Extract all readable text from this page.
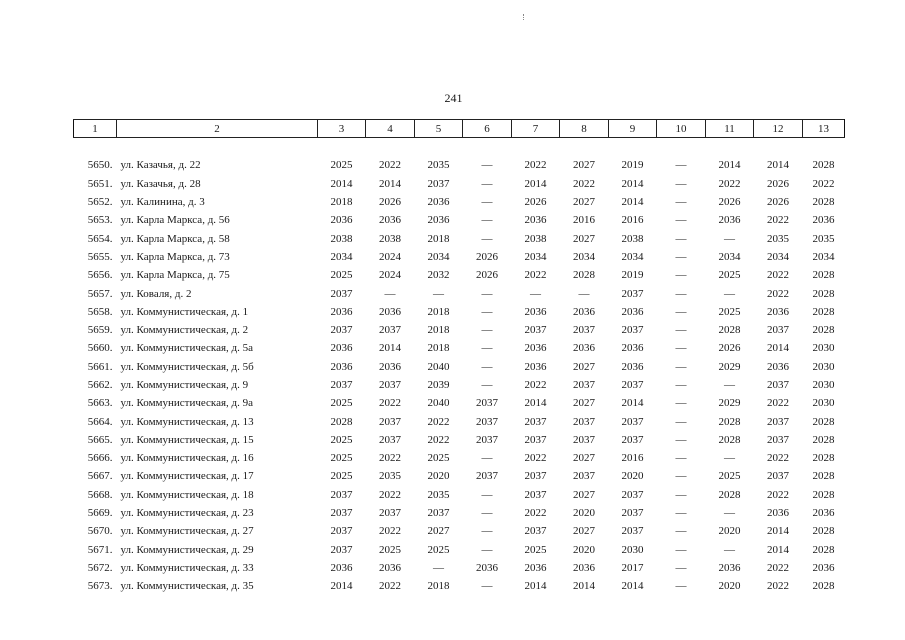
241
1	2	3	4	5	6	7	8	9	10	11	12	13

5650.	ул. Казачья, д. 22	2025	2022	2035	—	2022	2027	2019	—	2014	2014	2028
5651.	ул. Казачья, д. 28	2014	2014	2037	—	2014	2022	2014	—	2022	2026	2022
5652.	ул. Калинина, д. 3	2018	2026	2036	—	2026	2027	2014	—	2026	2026	2028
5653.	ул. Карла Маркса, д. 56	2036	2036	2036	—	2036	2016	2016	—	2036	2022	2036
5654.	ул. Карла Маркса, д. 58	2038	2038	2018	—	2038	2027	2038	—	—	2035	2035
5655.	ул. Карла Маркса, д. 73	2034	2024	2034	2026	2034	2034	2034	—	2034	2034	2034
5656.	ул. Карла Маркса, д. 75	2025	2024	2032	2026	2022	2028	2019	—	2025	2022	2028
5657.	ул. Коваля, д. 2	2037	—	—	—	—	—	2037	—	—	2022	2028
5658.	ул. Коммунистическая, д. 1	2036	2036	2018	—	2036	2036	2036	—	2025	2036	2028
5659.	ул. Коммунистическая, д. 2	2037	2037	2018	—	2037	2037	2037	—	2028	2037	2028
5660.	ул. Коммунистическая, д. 5а	2036	2014	2018	—	2036	2036	2036	—	2026	2014	2030
5661.	ул. Коммунистическая, д. 5б	2036	2036	2040	—	2036	2027	2036	—	2029	2036	2030
5662.	ул. Коммунистическая, д. 9	2037	2037	2039	—	2022	2037	2037	—	—	2037	2030
5663.	ул. Коммунистическая, д. 9а	2025	2022	2040	2037	2014	2027	2014	—	2029	2022	2030
5664.	ул. Коммунистическая, д. 13	2028	2037	2022	2037	2037	2037	2037	—	2028	2037	2028
5665.	ул. Коммунистическая, д. 15	2025	2037	2022	2037	2037	2037	2037	—	2028	2037	2028
5666.	ул. Коммунистическая, д. 16	2025	2022	2025	—	2022	2027	2016	—	—	2022	2028
5667.	ул. Коммунистическая, д. 17	2025	2035	2020	2037	2037	2037	2020	—	2025	2037	2028
5668.	ул. Коммунистическая, д. 18	2037	2022	2035	—	2037	2027	2037	—	2028	2022	2028
5669.	ул. Коммунистическая, д. 23	2037	2037	2037	—	2022	2020	2037	—	—	2036	2036
5670.	ул. Коммунистическая, д. 27	2037	2022	2027	—	2037	2027	2037	—	2020	2014	2028
5671.	ул. Коммунистическая, д. 29	2037	2025	2025	—	2025	2020	2030	—	—	2014	2028
5672.	ул. Коммунистическая, д. 33	2036	2036	—	2036	2036	2036	2017	—	2036	2022	2036
5673.	ул. Коммунистическая, д. 35	2014	2022	2018	—	2014	2014	2014	—	2020	2022	2028
